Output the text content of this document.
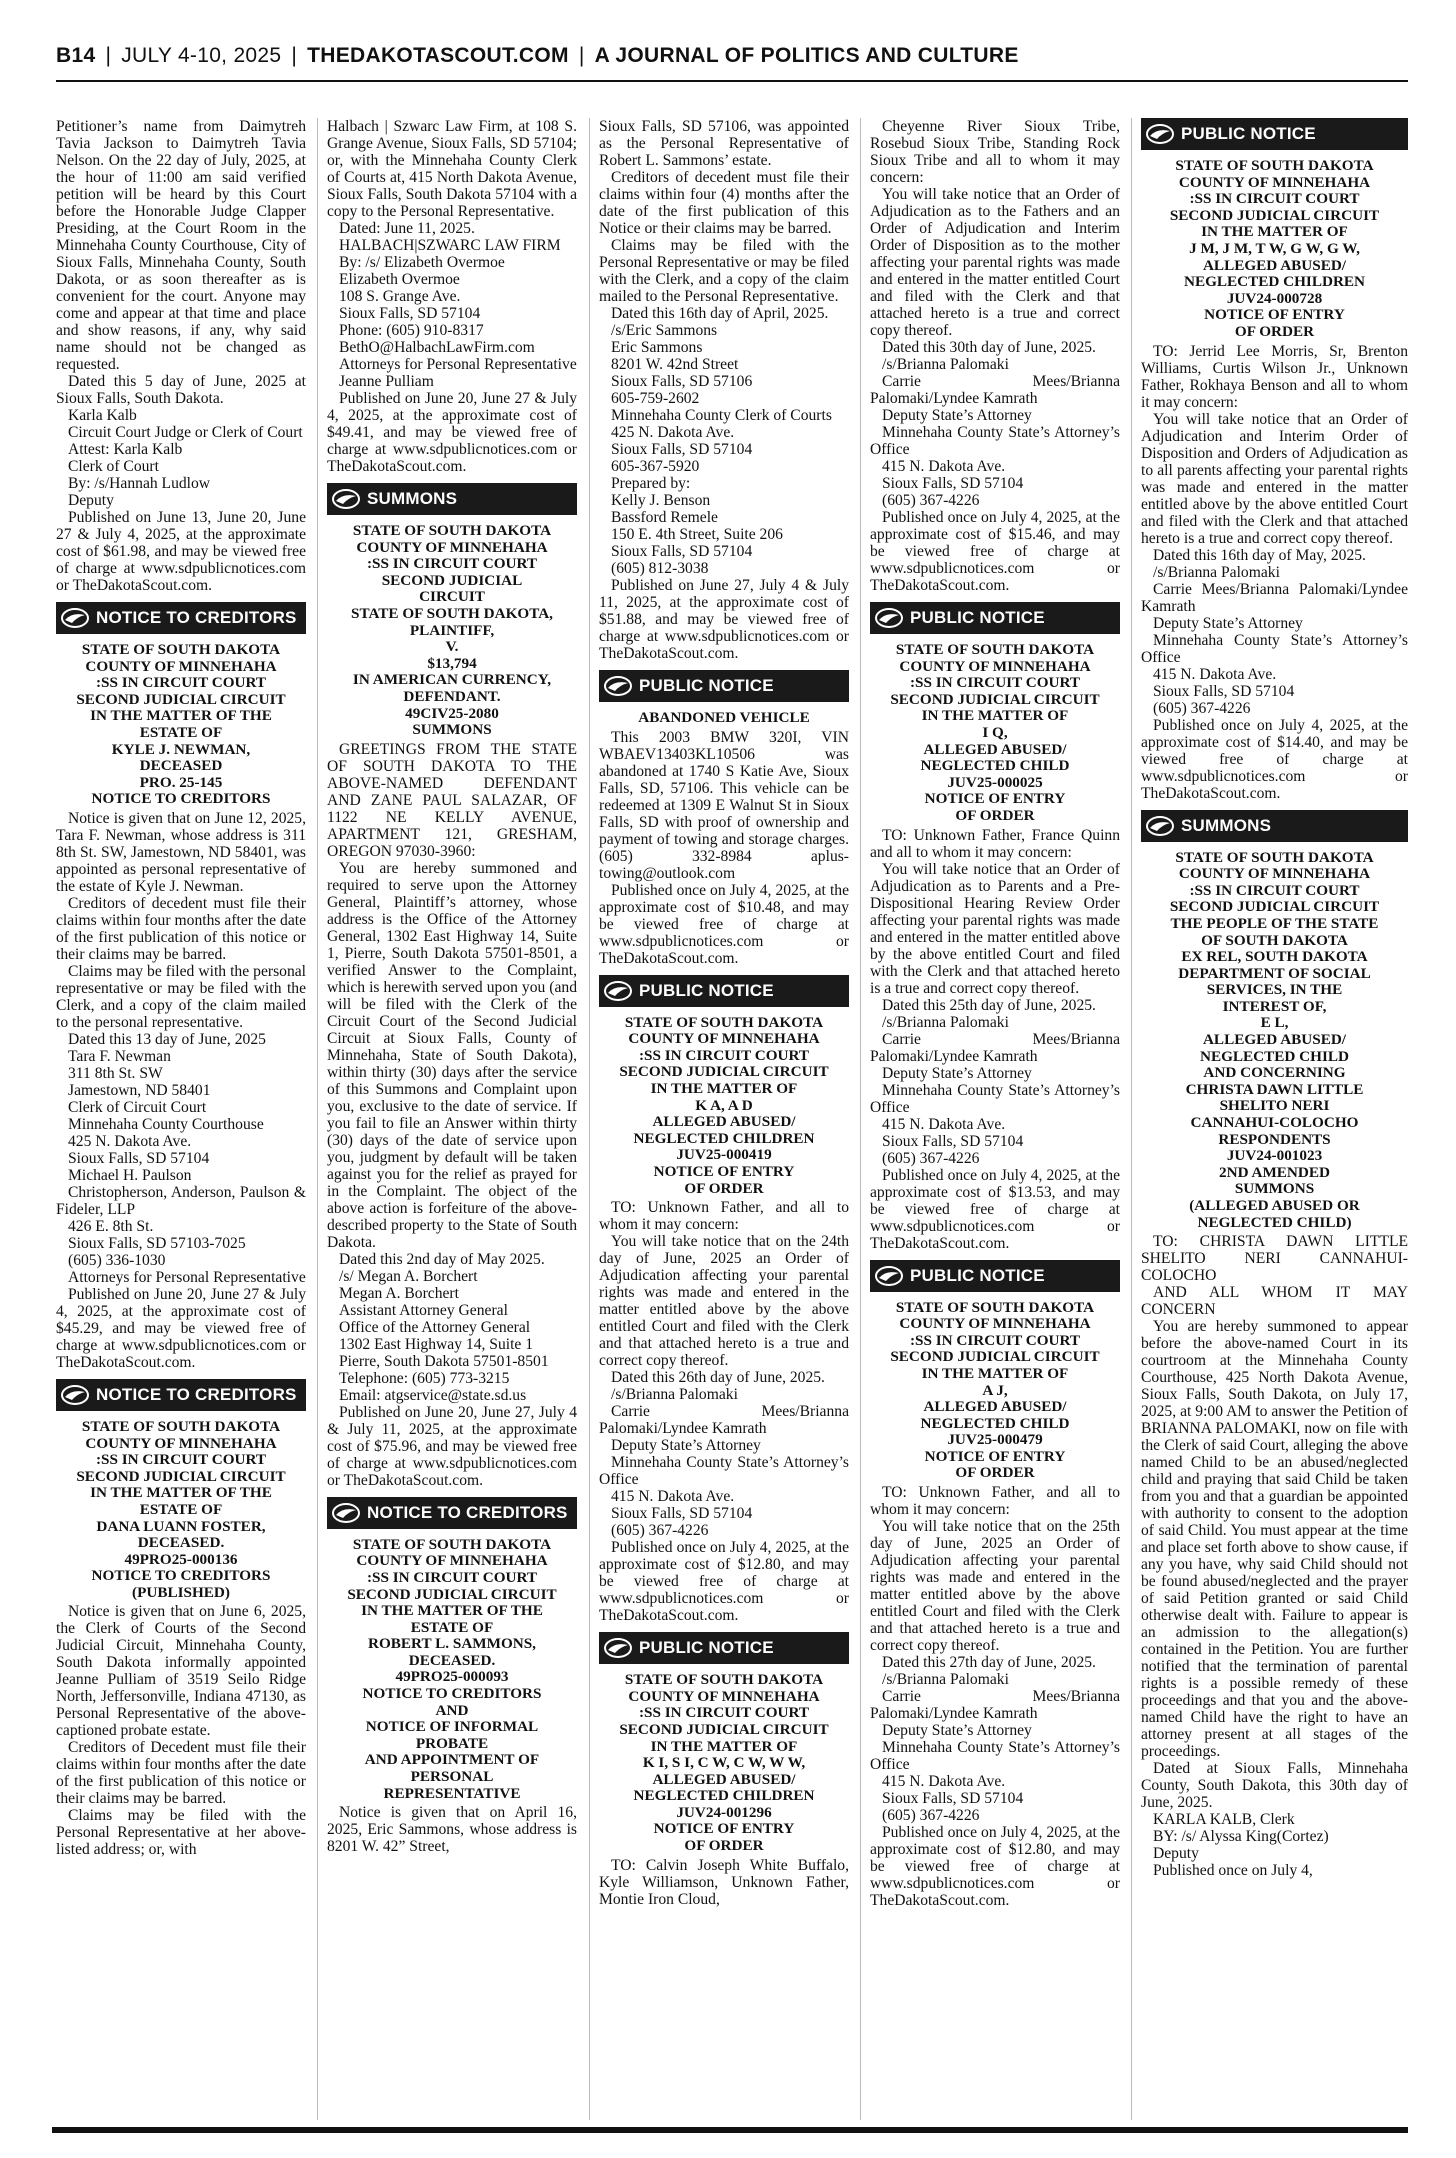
B14 | JULY 4-10, 2025 | THEDAKOTASCOUT.COM | A JOURNAL OF POLITICS AND CULTURE

Petitioner’s name from Daimytreh Tavia Jackson to Daimytreh Tavia Nelson. On the 22 day of July, 2025, at the hour of 11:00 am said verified petition will be heard by this Court before the Honorable Judge Clapper Presiding, at the Court Room in the Minnehaha County Courthouse, City of Sioux Falls, Minnehaha County, South Dakota, or as soon thereafter as is convenient for the court. Anyone may come and appear at that time and place and show reasons, if any, why said name should not be changed as requested.

Dated this 5 day of June, 2025 at Sioux Falls, South Dakota.

Karla Kalb

Circuit Court Judge or Clerk of Court

Attest: Karla Kalb

Clerk of Court

By: /s/Hannah Ludlow

Deputy

Published on June 13, June 20, June 27 & July 4, 2025, at the approximate cost of $61.98, and may be viewed free of charge at www.sdpublicnotices.com or TheDakotaScout.com.

NOTICE TO CREDITORS
STATE OF SOUTH DAKOTA
COUNTY OF MINNEHAHA
:SS IN CIRCUIT COURT
SECOND JUDICIAL CIRCUIT
IN THE MATTER OF THE
ESTATE OF
KYLE J. NEWMAN,
DECEASED
PRO. 25-145
NOTICE TO CREDITORS

Notice is given that on June 12, 2025, Tara F. Newman, whose address is 311 8th St. SW, Jamestown, ND 58401, was appointed as personal representative of the estate of Kyle J. Newman.

Creditors of decedent must file their claims within four months after the date of the first publication of this notice or their claims may be barred.

Claims may be filed with the personal representative or may be filed with the Clerk, and a copy of the claim mailed to the personal representative.

Dated this 13 day of June, 2025

Tara F. Newman

311 8th St. SW

Jamestown, ND 58401

Clerk of Circuit Court

Minnehaha County Courthouse

425 N. Dakota Ave.

Sioux Falls, SD 57104

Michael H. Paulson

Christopherson, Anderson, Paulson & Fideler, LLP

426 E. 8th St.

Sioux Falls, SD 57103-7025

(605) 336-1030

Attorneys for Personal Representative

Published on June 20, June 27 & July 4, 2025, at the approximate cost of $45.29, and may be viewed free of charge at www.sdpublicnotices.com or TheDakotaScout.com.

NOTICE TO CREDITORS
STATE OF SOUTH DAKOTA
COUNTY OF MINNEHAHA
:SS IN CIRCUIT COURT
SECOND JUDICIAL CIRCUIT
IN THE MATTER OF THE
ESTATE OF
DANA LUANN FOSTER,
DECEASED.
49PRO25-000136
NOTICE TO CREDITORS
(PUBLISHED)

Notice is given that on June 6, 2025, the Clerk of Courts of the Second Judicial Circuit, Minnehaha County, South Dakota informally appointed Jeanne Pulliam of 3519 Seilo Ridge North, Jeffersonville, Indiana 47130, as Personal Representative of the above-captioned probate estate.

Creditors of Decedent must file their claims within four months after the date of the first publication of this notice or their claims may be barred.

Claims may be filed with the Personal Representative at her above-listed address; or, with

Halbach | Szwarc Law Firm, at 108 S. Grange Avenue, Sioux Falls, SD 57104; or, with the Minnehaha County Clerk of Courts at, 415 North Dakota Avenue, Sioux Falls, South Dakota 57104 with a copy to the Personal Representative.

Dated: June 11, 2025.

HALBACH|SZWARC LAW FIRM

By: /s/ Elizabeth Overmoe

Elizabeth Overmoe

108 S. Grange Ave.

Sioux Falls, SD 57104

Phone: (605) 910-8317

BethO@HalbachLawFirm.com

Attorneys for Personal Representative

Jeanne Pulliam

Published on June 20, June 27 & July 4, 2025, at the approximate cost of $49.41, and may be viewed free of charge at www.sdpublicnotices.com or TheDakotaScout.com.

SUMMONS
STATE OF SOUTH DAKOTA
COUNTY OF MINNEHAHA
:SS IN CIRCUIT COURT
SECOND JUDICIAL
CIRCUIT
STATE OF SOUTH DAKOTA,
PLAINTIFF,
V.
$13,794
IN AMERICAN CURRENCY,
DEFENDANT.
49CIV25-2080
SUMMONS

GREETINGS FROM THE STATE OF SOUTH DAKOTA TO THE ABOVE-NAMED DEFENDANT AND ZANE PAUL SALAZAR, OF 1122 NE KELLY AVENUE, APARTMENT 121, GRESHAM, OREGON 97030-3960:

You are hereby summoned and required to serve upon the Attorney General, Plaintiff’s attorney, whose address is the Office of the Attorney General, 1302 East Highway 14, Suite 1, Pierre, South Dakota 57501-8501, a verified Answer to the Complaint, which is herewith served upon you (and will be filed with the Clerk of the Circuit Court of the Second Judicial Circuit at Sioux Falls, County of Minnehaha, State of South Dakota), within thirty (30) days after the service of this Summons and Complaint upon you, exclusive to the date of service. If you fail to file an Answer within thirty (30) days of the date of service upon you, judgment by default will be taken against you for the relief as prayed for in the Complaint. The object of the above action is forfeiture of the above-described property to the State of South Dakota.

Dated this 2nd day of May 2025.

/s/ Megan A. Borchert

Megan A. Borchert

Assistant Attorney General

Office of the Attorney General

1302 East Highway 14, Suite 1

Pierre, South Dakota 57501-8501

Telephone: (605) 773-3215

Email: atgservice@state.sd.us

Published on June 20, June 27, July 4 & July 11, 2025, at the approximate cost of $75.96, and may be viewed free of charge at www.sdpublicnotices.com or TheDakotaScout.com.

NOTICE TO CREDITORS
STATE OF SOUTH DAKOTA
COUNTY OF MINNEHAHA
:SS IN CIRCUIT COURT
SECOND JUDICIAL CIRCUIT
IN THE MATTER OF THE
ESTATE OF
ROBERT L. SAMMONS,
DECEASED.
49PRO25-000093
NOTICE TO CREDITORS
AND
NOTICE OF INFORMAL
PROBATE
AND APPOINTMENT OF
PERSONAL
REPRESENTATIVE

Notice is given that on April 16, 2025, Eric Sammons, whose address is 8201 W. 42” Street,

Sioux Falls, SD 57106, was appointed as the Personal Representative of Robert L. Sammons’ estate.

Creditors of decedent must file their claims within four (4) months after the date of the first publication of this Notice or their claims may be barred.

Claims may be filed with the Personal Representative or may be filed with the Clerk, and a copy of the claim mailed to the Personal Representative.

Dated this 16th day of April, 2025.

/s/Eric Sammons

Eric Sammons

8201 W. 42nd Street

Sioux Falls, SD 57106

605-759-2602

Minnehaha County Clerk of Courts

425 N. Dakota Ave.

Sioux Falls, SD 57104

605-367-5920

Prepared by:

Kelly J. Benson

Bassford Remele

150 E. 4th Street, Suite 206

Sioux Falls, SD 57104

(605) 812-3038

Published on June 27, July 4 & July 11, 2025, at the approximate cost of $51.88, and may be viewed free of charge at www.sdpublicnotices.com or TheDakotaScout.com.

PUBLIC NOTICE
ABANDONED VEHICLE

This 2003 BMW 320I, VIN WBAEV13403KL10506 was abandoned at 1740 S Katie Ave, Sioux Falls, SD, 57106. This vehicle can be redeemed at 1309 E Walnut St in Sioux Falls, SD with proof of ownership and payment of towing and storage charges. (605) 332-8984 aplus-towing@outlook.com

Published once on July 4, 2025, at the approximate cost of $10.48, and may be viewed free of charge at www.sdpublicnotices.com or TheDakotaScout.com.

PUBLIC NOTICE
STATE OF SOUTH DAKOTA
COUNTY OF MINNEHAHA
:SS IN CIRCUIT COURT
SECOND JUDICIAL CIRCUIT
IN THE MATTER OF
K A, A D
ALLEGED ABUSED/
NEGLECTED CHILDREN
JUV25-000419
NOTICE OF ENTRY
OF ORDER

TO: Unknown Father, and all to whom it may concern:

You will take notice that on the 24th day of June, 2025 an Order of Adjudication affecting your parental rights was made and entered in the matter entitled above by the above entitled Court and filed with the Clerk and that attached hereto is a true and correct copy thereof.

Dated this 26th day of June, 2025.

/s/Brianna Palomaki

Carrie Mees/Brianna Palomaki/Lyndee Kamrath

Deputy State’s Attorney

Minnehaha County State’s Attorney’s Office

415 N. Dakota Ave.

Sioux Falls, SD 57104

(605) 367-4226

Published once on July 4, 2025, at the approximate cost of $12.80, and may be viewed free of charge at www.sdpublicnotices.com or TheDakotaScout.com.

PUBLIC NOTICE
STATE OF SOUTH DAKOTA
COUNTY OF MINNEHAHA
:SS IN CIRCUIT COURT
SECOND JUDICIAL CIRCUIT
IN THE MATTER OF
K I, S I, C W, C W, W W,
ALLEGED ABUSED/
NEGLECTED CHILDREN
JUV24-001296
NOTICE OF ENTRY
OF ORDER

TO: Calvin Joseph White Buffalo, Kyle Williamson, Unknown Father, Montie Iron Cloud,

Cheyenne River Sioux Tribe, Rosebud Sioux Tribe, Standing Rock Sioux Tribe and all to whom it may concern:

You will take notice that an Order of Adjudication as to the Fathers and an Order of Adjudication and Interim Order of Disposition as to the mother affecting your parental rights was made and entered in the matter entitled Court and filed with the Clerk and that attached hereto is a true and correct copy thereof.

Dated this 30th day of June, 2025.

/s/Brianna Palomaki

Carrie Mees/Brianna Palomaki/Lyndee Kamrath

Deputy State’s Attorney

Minnehaha County State’s Attorney’s Office

415 N. Dakota Ave.

Sioux Falls, SD 57104

(605) 367-4226

Published once on July 4, 2025, at the approximate cost of $15.46, and may be viewed free of charge at www.sdpublicnotices.com or TheDakotaScout.com.

PUBLIC NOTICE
STATE OF SOUTH DAKOTA
COUNTY OF MINNEHAHA
:SS IN CIRCUIT COURT
SECOND JUDICIAL CIRCUIT
IN THE MATTER OF
I Q,
ALLEGED ABUSED/
NEGLECTED CHILD
JUV25-000025
NOTICE OF ENTRY
OF ORDER

TO: Unknown Father, France Quinn and all to whom it may concern:

You will take notice that an Order of Adjudication as to Parents and a Pre-Dispositional Hearing Review Order affecting your parental rights was made and entered in the matter entitled above by the above entitled Court and filed with the Clerk and that attached hereto is a true and correct copy thereof.

Dated this 25th day of June, 2025.

/s/Brianna Palomaki

Carrie Mees/Brianna Palomaki/Lyndee Kamrath

Deputy State’s Attorney

Minnehaha County State’s Attorney’s Office

415 N. Dakota Ave.

Sioux Falls, SD 57104

(605) 367-4226

Published once on July 4, 2025, at the approximate cost of $13.53, and may be viewed free of charge at www.sdpublicnotices.com or TheDakotaScout.com.

PUBLIC NOTICE
STATE OF SOUTH DAKOTA
COUNTY OF MINNEHAHA
:SS IN CIRCUIT COURT
SECOND JUDICIAL CIRCUIT
IN THE MATTER OF
A J,
ALLEGED ABUSED/
NEGLECTED CHILD
JUV25-000479
NOTICE OF ENTRY
OF ORDER

TO: Unknown Father, and all to whom it may concern:

You will take notice that on the 25th day of June, 2025 an Order of Adjudication affecting your parental rights was made and entered in the matter entitled above by the above entitled Court and filed with the Clerk and that attached hereto is a true and correct copy thereof.

Dated this 27th day of June, 2025.

/s/Brianna Palomaki

Carrie Mees/Brianna Palomaki/Lyndee Kamrath

Deputy State’s Attorney

Minnehaha County State’s Attorney’s Office

415 N. Dakota Ave.

Sioux Falls, SD 57104

(605) 367-4226

Published once on July 4, 2025, at the approximate cost of $12.80, and may be viewed free of charge at www.sdpublicnotices.com or TheDakotaScout.com.

PUBLIC NOTICE
STATE OF SOUTH DAKOTA
COUNTY OF MINNEHAHA
:SS IN CIRCUIT COURT
SECOND JUDICIAL CIRCUIT
IN THE MATTER OF
J M, J M, T W, G W, G W,
ALLEGED ABUSED/
NEGLECTED CHILDREN
JUV24-000728
NOTICE OF ENTRY
OF ORDER

TO: Jerrid Lee Morris, Sr, Brenton Williams, Curtis Wilson Jr., Unknown Father, Rokhaya Benson and all to whom it may concern:

You will take notice that an Order of Adjudication and Interim Order of Disposition and Orders of Adjudication as to all parents affecting your parental rights was made and entered in the matter entitled above by the above entitled Court and filed with the Clerk and that attached hereto is a true and correct copy thereof.

Dated this 16th day of May, 2025.

/s/Brianna Palomaki

Carrie Mees/Brianna Palomaki/Lyndee Kamrath

Deputy State’s Attorney

Minnehaha County State’s Attorney’s Office

415 N. Dakota Ave.

Sioux Falls, SD 57104

(605) 367-4226

Published once on July 4, 2025, at the approximate cost of $14.40, and may be viewed free of charge at www.sdpublicnotices.com or TheDakotaScout.com.

SUMMONS
STATE OF SOUTH DAKOTA
COUNTY OF MINNEHAHA
:SS IN CIRCUIT COURT
SECOND JUDICIAL CIRCUIT
THE PEOPLE OF THE STATE
OF SOUTH DAKOTA
EX REL, SOUTH DAKOTA
DEPARTMENT OF SOCIAL
SERVICES, IN THE
INTEREST OF,
E L,
ALLEGED ABUSED/
NEGLECTED CHILD
AND CONCERNING
CHRISTA DAWN LITTLE
SHELITO NERI
CANNAHUI-COLOCHO
RESPONDENTS
JUV24-001023
2ND AMENDED
SUMMONS
(ALLEGED ABUSED OR
NEGLECTED CHILD)

TO: CHRISTA DAWN LITTLE SHELITO NERI CANNAHUI-COLOCHO

AND ALL WHOM IT MAY CONCERN

You are hereby summoned to appear before the above-named Court in its courtroom at the Minnehaha County Courthouse, 425 North Dakota Avenue, Sioux Falls, South Dakota, on July 17, 2025, at 9:00 AM to answer the Petition of BRIANNA PALOMAKI, now on file with the Clerk of said Court, alleging the above named Child to be an abused/neglected child and praying that said Child be taken from you and that a guardian be appointed with authority to consent to the adoption of said Child. You must appear at the time and place set forth above to show cause, if any you have, why said Child should not be found abused/neglected and the prayer of said Petition granted or said Child otherwise dealt with. Failure to appear is an admission to the allegation(s) contained in the Petition. You are further notified that the termination of parental rights is a possible remedy of these proceedings and that you and the above-named Child have the right to have an attorney present at all stages of the proceedings.

Dated at Sioux Falls, Minnehaha County, South Dakota, this 30th day of June, 2025.

KARLA KALB, Clerk

BY: /s/ Alyssa King(Cortez)

Deputy

Published once on July 4,
